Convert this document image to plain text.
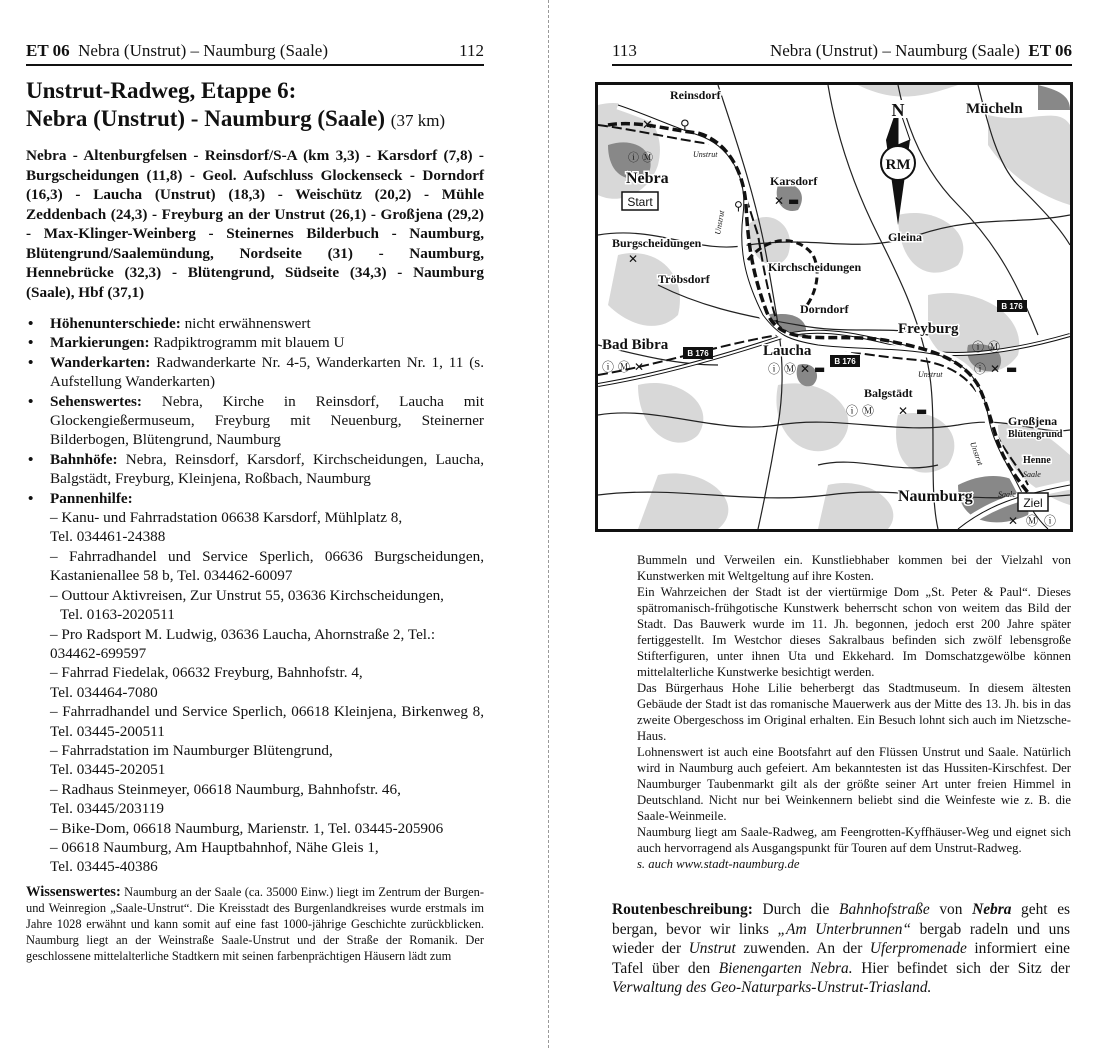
ET 06 Nebra (Unstrut) – Naumburg (Saale)	112
Unstrut-Radweg, Etappe 6:
Nebra (Unstrut) - Naumburg (Saale) (37 km)
Nebra - Altenburgfelsen - Reinsdorf/S-A (km 3,3) - Karsdorf (7,8) - Burgscheidungen (11,8) - Geol. Aufschluss Glockenseck - Dorndorf (16,3) - Laucha (Unstrut) (18,3) - Weischütz (20,2) - Mühle Zeddenbach (24,3) - Freyburg an der Unstrut (26,1) - Großjena (29,2) - Max-Klinger-Weinberg - Steinernes Bilderbuch - Naumburg, Blütengrund/Saalemündung, Nordseite (31) - Naumburg, Hennebrücke (32,3) - Blütengrund, Südseite (34,3) - Naumburg (Saale), Hbf (37,1)
• Höhenunterschiede: nicht erwähnenswert
• Markierungen: Radpiktrogramm mit blauem U
• Wanderkarten: Radwanderkarte Nr. 4-5, Wanderkarten Nr. 1, 11 (s. Aufstellung Wanderkarten)
• Sehenswertes: Nebra, Kirche in Reinsdorf, Laucha mit Glockengießermuseum, Freyburg mit Neuenburg, Steinerner Bilderbogen, Blütengrund, Naumburg
• Bahnhöfe: Nebra, Reinsdorf, Karsdorf, Kirchscheidungen, Laucha, Balgstädt, Freyburg, Kleinjena, Roßbach, Naumburg
• Pannenhilfe:
– Kanu- und Fahrradstation 06638 Karsdorf, Mühlplatz 8,
Tel. 034461-24388
– Fahrradhandel und Service Sperlich, 06636 Burgscheidungen, Kastanienallee 58 b, Tel. 034462-60097
– Outtour Aktivreisen, Zur Unstrut 55, 03636 Kirchscheidungen,
Tel. 0163-2020511
– Pro Radsport M. Ludwig, 03636 Laucha, Ahornstraße 2, Tel.: 034462-699597
– Fahrrad Fiedelak, 06632 Freyburg, Bahnhofstr. 4,
Tel. 034464-7080
– Fahrradhandel und Service Sperlich, 06618 Kleinjena, Birkenweg 8, Tel. 03445-200511
– Fahrradstation im Naumburger Blütengrund,
Tel. 03445-202051
– Radhaus Steinmeyer, 06618 Naumburg, Bahnhofstr. 46,
Tel. 03445/203119
– Bike-Dom, 06618 Naumburg, Marienstr. 1, Tel. 03445-205906
– 06618 Naumburg, Am Hauptbahnhof, Nähe Gleis 1,
Tel. 03445-40386
Wissenswertes: Naumburg an der Saale (ca. 35000 Einw.) liegt im Zentrum der Burgen-und Weinregion „Saale-Unstrut“. Die Kreisstadt des Burgenlandkreises wurde erstmals im Jahre 1028 erwähnt und kann somit auf eine fast 1000-jährige Geschichte zurückblicken. Naumburg liegt an der Weinstraße Saale-Unstrut und der Straße der Romanik. Der geschlossene mittelalterliche Stadtkern mit seinen farbenprächtigen Häusern lädt zum
113	Nebra (Unstrut) – Naumburg (Saale) ET 06
B 176
B 176
B 176
N
RM
Start
Ziel
Reinsdorf
Mücheln
Nebra	Karsdorf
Gleina
Burgscheidungen
Kirchscheidungen
Tröbsdorf
Dorndorf
Freyburg
Bad Bibra	Laucha
Balgstädt
Großjena
Blütengrund
Henne
Naumburg
Unstrut
Unstrut
Unstrut
Unstrut
Saale
Saale
✕ ⚲
ⓘ Ⓜ
✕ ▬
⚲
✕
ⓘ Ⓜ ✕	ⓘ Ⓜ ✕ ▬
ⓘ Ⓜ ✕ ▬
ⓘ Ⓜ
ⓘ ✕ ▬
✕ Ⓜ ⓘ

Bummeln und Verweilen ein. Kunstliebhaber kommen bei der Vielzahl von Kunstwerken mit Weltgeltung auf ihre Kosten.

Ein Wahrzeichen der Stadt ist der viertürmige Dom „St. Peter & Paul“. Dieses spätromanisch-frühgotische Kunstwerk beherrscht schon von weitem das Bild der Stadt. Das Bauwerk wurde im 11. Jh. begonnen, jedoch erst 200 Jahre später fertiggestellt. Im Westchor dieses Sakralbaus befinden sich zwölf lebensgroße Stifterfiguren, unter ihnen Uta und Ekkehard. Im Domschatzgewölbe können mittelalterliche Kunstwerke besichtigt werden.

Das Bürgerhaus Hohe Lilie beherbergt das Stadtmuseum. In diesem ältesten Gebäude der Stadt ist das romanische Mauerwerk aus der Mitte des 13. Jh. bis in das zweite Obergeschoss im Original erhalten. Ein Besuch lohnt sich auch im Nietzsche-Haus.

Lohnenswert ist auch eine Bootsfahrt auf den Flüssen Unstrut und Saale. Natürlich wird in Naumburg auch gefeiert. Am bekanntesten ist das Hussiten-Kirschfest. Der Naumburger Taubenmarkt gilt als der größte seiner Art unter freien Himmel in Deutschland. Nicht nur bei Weinkennern beliebt sind die Weinfeste wie z. B. die Saale-Weinmeile.

Naumburg liegt am Saale-Radweg, am Feengrotten-Kyffhäuser-Weg und eignet sich auch hervorragend als Ausgangspunkt für Touren auf dem Unstrut-Radweg.

s. auch www.stadt-naumburg.de

Routenbeschreibung: Durch die Bahnhofstraße von Nebra geht es bergan, bevor wir links „Am Unterbrunnen“ bergab radeln und uns wieder der Unstrut zuwenden. An der Uferpromenade informiert eine Tafel über den Bienengarten Nebra. Hier befindet sich der Sitz der Verwaltung des Geo-Naturparks-Unstrut-Triasland.
